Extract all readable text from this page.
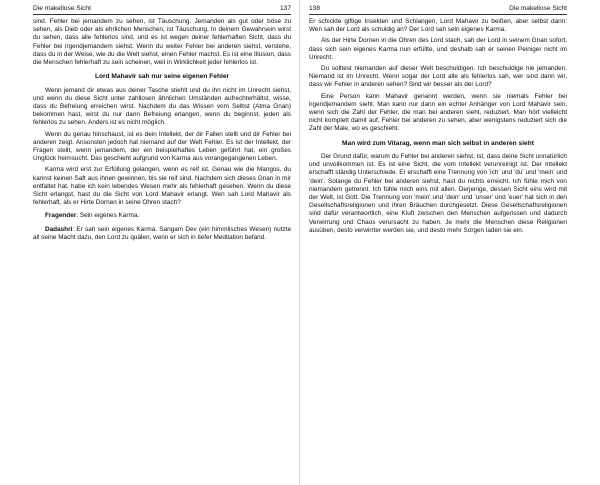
Die makellose Sicht	137

sind. Fehler bei jemandem zu sehen, ist Täuschung. Jemanden als gut oder böse zu sehen, als Dieb oder als ehrlichen Menschen, ist Täuschung. In deinem Gewahrsein wirst du sehen, dass alle fehlerlos sind, und es ist wegen deiner fehlerhaften Sicht, dass du Fehler bei irgendjemandem siehst. Wenn du weiter Fehler bei anderen siehst, verstehe, dass du in der Weise, wie du die Welt siehst, einen Fehler machst. Es ist eine Illusion, dass die Menschen fehlerhaft zu sein scheinen, weil in Wirklichkeit jeder fehlerlos ist.

Lord Mahavir sah nur seine eigenen Fehler

Wenn jemand dir etwas aus deiner Tasche stiehlt und du ihn nicht im Unrecht siehst, und wenn du diese Sicht unter zahllosen ähnlichen Umständen aufrechterhältst, wisse, dass du Befreiung erreichen wirst. Nachdem du das Wissen vom Selbst (Atma Gnan) bekommen hast, wirst du nur dann Befreiung erlangen, wenn du beginnst, jeden als fehlerlos zu sehen. Anders ist es nicht möglich.

Wenn du genau hinschaust, ist es dein Intellekt, der dir Fallen stellt und dir Fehler bei anderen zeigt. Ansonsten jedoch hat niemand auf der Welt Fehler. Es ist der Intellekt, der Fragen stellt, wenn jemandem, der ein beispielhaftes Leben geführt hat, ein großes Unglück heimsucht. Das geschieht aufgrund von Karma aus vorangegangenen Leben.

Karma wird erst zur Erfüllung gelangen, wenn es reif ist. Genau wie die Mangos, du kannst keinen Saft aus ihnen gewinnen, bis sie reif sind. Nachdem sich dieses Gnan in mir entfaltet hat, habe ich kein lebendes Wesen mehr als fehlerhaft gesehen. Wenn du diese Sicht erlangst, hast du die Sicht von Lord Mahavir erlangt. Wen sah Lord Mahavir als fehlerhaft, als er Hirte Dornen in seine Ohren stach?

Fragender: Sein eigenes Karma.

Dadashri: Er sah sein eigenes Karma. Sangam Dev (ein himmlisches Wesen) nutzte all seine Macht dazu, den Lord zu quälen, wenn er sich in tiefer Meditation befand.

138	Die makellose Sicht

Er schickte giftige Insekten und Schlangen, Lord Mahavir zu beißen, aber selbst dann: Wen sah der Lord als schuldig an? Der Lord sah sein eigenes Karma.

Als der Hirte Dornen in die Ohren des Lord stach, sah der Lord in seinem Gnan sofort, dass sich sein eigenes Karma nun erfüllte, und deshalb sah er seinen Peiniger nicht im Unrecht.

Du solltest niemanden auf dieser Welt beschuldigen. Ich beschuldige nie jemanden. Niemand ist im Unrecht. Wenn sogar der Lord alle als fehlerlos sah, wer sind dann wir, dass wir Fehler in anderen sehen? Sind wir besser als der Lord?

Eine Person kann Mahavir genannt werden, wenn sie niemals Fehler bei irgendjemandem sieht. Man kann nur dann ein echter Anhänger von Lord Mahavir sein, wenn sich die Zahl der Fehler, die man bei anderen sieht, reduziert. Man hört vielleicht nicht komplett damit auf, Fehler bei anderen zu sehen, aber wenigstens reduziert sich die Zahl der Male, wo es geschieht.

Man wird zum Vitarag, wenn man sich selbst in anderen sieht

Der Grund dafür, warum du Fehler bei anderen siehst, ist, dass deine Sicht unnatürlich und unvollkommen ist. Es ist eine Sicht, die vom Intellekt verunreinigt ist. Der Intellekt erschafft ständig Unterschiede. Er erschafft eine Trennung von 'ich' und 'du' und 'mein' und 'dein'. Solange du Fehler bei anderen siehst, hast du nichts erreicht. Ich fühle mich von niemandem getrennt. Ich fühle mich eins mit allen. Derjenige, dessen Sicht eins wird mit der Welt, ist Gott. Die Trennung von 'mein' und 'dein' und 'unser' und 'euer' hat sich in den Gesellschaftsreligionen und ihren Bräuchen durchgesetzt. Diese Gesellschaftsreligionen sind dafür verantwortlich, eine Kluft zwischen den Menschen aufgerissen und dadurch Verwirrung und Chaos verursacht zu haben. Je mehr die Menschen diese Religionen ausüben, desto verwirrter werden sie, und desto mehr Sorgen laden sie ein.
